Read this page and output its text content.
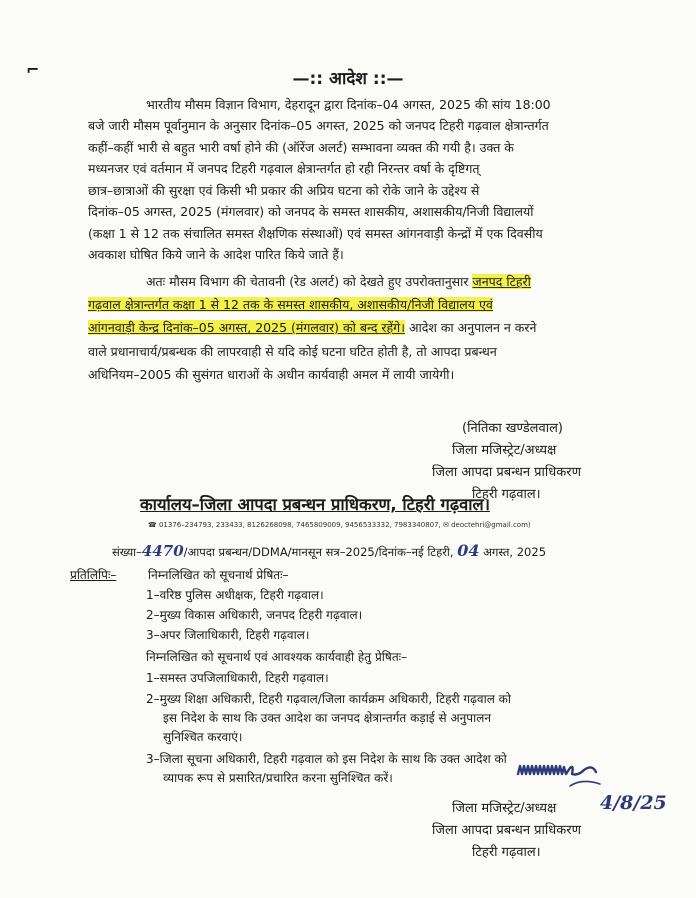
⌐	—:: आदेश ::—
भारतीय मौसम विज्ञान विभाग, देहरादून द्वारा दिनांक–04 अगस्त, 2025 की सांय 18:00
बजे जारी मौसम पूर्वानुमान के अनुसार दिनांक–05 अगस्त, 2025 को जनपद टिहरी गढ़वाल क्षेत्रान्तर्गत
कहीं–कहीं भारी से बहुत भारी वर्षा होने की (ऑरेंज अलर्ट) सम्भावना व्यक्त की गयी है। उक्त के
मध्यनजर एवं वर्तमान में जनपद टिहरी गढ़वाल क्षेत्रान्तर्गत हो रही निरन्तर वर्षा के दृष्टिगत्
छात्र–छात्राओं की सुरक्षा एवं किसी भी प्रकार की अप्रिय घटना को रोके जाने के उद्देश्य से
दिनांक–05 अगस्त, 2025 (मंगलवार) को जनपद के समस्त शासकीय, अशासकीय/निजी विद्यालयों
(कक्षा 1 से 12 तक संचालित समस्त शैक्षणिक संस्थाओं) एवं समस्त आंगनवाड़ी केन्द्रों में एक दिवसीय
अवकाश घोषित किये जाने के आदेश पारित किये जाते हैं।
अतः मौसम विभाग की चेतावनी (रेड अलर्ट) को देखते हुए उपरोक्तानुसार जनपद टिहरी
गढ़वाल क्षेत्रान्तर्गत कक्षा 1 से 12 तक के समस्त शासकीय, अशासकीय/निजी विद्यालय एवं
आंगनवाड़ी केन्द्र दिनांक–05 अगस्त, 2025 (मंगलवार) को बन्द रहेंगे। आदेश का अनुपालन न करने
वाले प्रधानाचार्य/प्रबन्धक की लापरवाही से यदि कोई घटना घटित होती है, तो आपदा प्रबन्धन
अधिनियम–2005 की सुसंगत धाराओं के अधीन कार्यवाही अमल में लायी जायेगी।
(नितिका खण्डेलवाल)
जिला मजिस्ट्रेट/अध्यक्ष
जिला आपदा प्रबन्धन प्राधिकरण
टिहरी गढ़वाल।
कार्यालय–जिला आपदा प्रबन्धन प्राधिकरण, टिहरी गढ़वाल।
☎ 01376–234793, 233433, 8126268098, 7465809009, 9456533332, 7983340807, ✉ deoctehri@gmail.com)
संख्या–4470/आपदा प्रबन्धन/DDMA/मानसून सत्र–2025/दिनांक–नई टिहरी, 04 अगस्त, 2025
प्रतिलिपिः–	निम्नलिखित को सूचनार्थ प्रेषितः–
1–वरिष्ठ पुलिस अधीक्षक, टिहरी गढ़वाल।
2–मुख्य विकास अधिकारी, जनपद टिहरी गढ़वाल।
3–अपर जिलाधिकारी, टिहरी गढ़वाल।
निम्नलिखित को सूचनार्थ एवं आवश्यक कार्यवाही हेतु प्रेषितः–
1–समस्त उपजिलाधिकारी, टिहरी गढ़वाल।
2–मुख्य शिक्षा अधिकारी, टिहरी गढ़वाल/जिला कार्यक्रम अधिकारी, टिहरी गढ़वाल को
इस निदेश के साथ कि उक्त आदेश का जनपद क्षेत्रान्तर्गत कड़ाई से अनुपालन
सुनिश्चित करवाएं।
3–जिला सूचना अधिकारी, टिहरी गढ़वाल को इस निदेश के साथ कि उक्त आदेश को
व्यापक रूप से प्रसारित/प्रचारित करना सुनिश्चित करें।
जिला मजिस्ट्रेट/अध्यक्ष 4/8/25
जिला आपदा प्रबन्धन प्राधिकरण
टिहरी गढ़वाल।
